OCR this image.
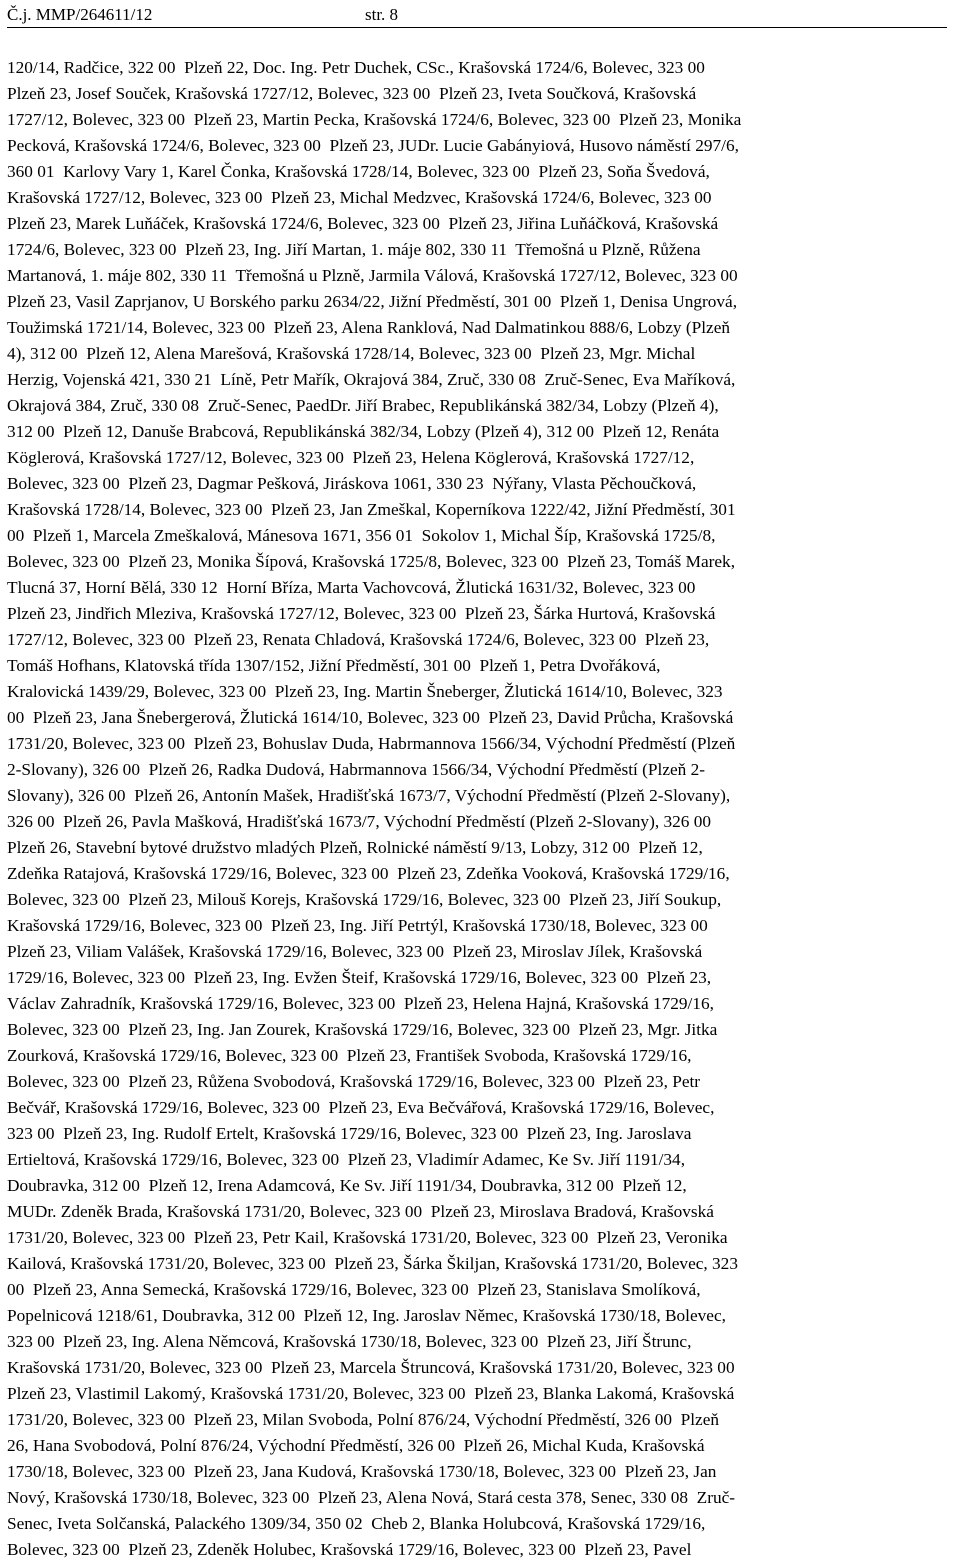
Č.j. MMP/264611/12	str. 8
120/14, Radčice, 322 00  Plzeň 22, Doc. Ing. Petr Duchek, CSc., Krašovská 1724/6, Bolevec, 323 00
Plzeň 23, Josef Souček, Krašovská 1727/12, Bolevec, 323 00  Plzeň 23, Iveta Součková, Krašovská
1727/12, Bolevec, 323 00  Plzeň 23, Martin Pecka, Krašovská 1724/6, Bolevec, 323 00  Plzeň 23, Monika
Pecková, Krašovská 1724/6, Bolevec, 323 00  Plzeň 23, JUDr. Lucie Gabányiová, Husovo náměstí 297/6,
360 01  Karlovy Vary 1, Karel Čonka, Krašovská 1728/14, Bolevec, 323 00  Plzeň 23, Soňa Švedová,
Krašovská 1727/12, Bolevec, 323 00  Plzeň 23, Michal Medzvec, Krašovská 1724/6, Bolevec, 323 00
Plzeň 23, Marek Luňáček, Krašovská 1724/6, Bolevec, 323 00  Plzeň 23, Jiřina Luňáčková, Krašovská
1724/6, Bolevec, 323 00  Plzeň 23, Ing. Jiří Martan, 1. máje 802, 330 11  Třemošná u Plzně, Růžena
Martanová, 1. máje 802, 330 11  Třemošná u Plzně, Jarmila Válová, Krašovská 1727/12, Bolevec, 323 00
Plzeň 23, Vasil Zaprjanov, U Borského parku 2634/22, Jižní Předměstí, 301 00  Plzeň 1, Denisa Ungrová,
Toužimská 1721/14, Bolevec, 323 00  Plzeň 23, Alena Ranklová, Nad Dalmatinkou 888/6, Lobzy (Plzeň
4), 312 00  Plzeň 12, Alena Marešová, Krašovská 1728/14, Bolevec, 323 00  Plzeň 23, Mgr. Michal
Herzig, Vojenská 421, 330 21  Líně, Petr Mařík, Okrajová 384, Zruč, 330 08  Zruč-Senec, Eva Maříková,
Okrajová 384, Zruč, 330 08  Zruč-Senec, PaedDr. Jiří Brabec, Republikánská 382/34, Lobzy (Plzeň 4),
312 00  Plzeň 12, Danuše Brabcová, Republikánská 382/34, Lobzy (Plzeň 4), 312 00  Plzeň 12, Renáta
Köglerová, Krašovská 1727/12, Bolevec, 323 00  Plzeň 23, Helena Köglerová, Krašovská 1727/12,
Bolevec, 323 00  Plzeň 23, Dagmar Pešková, Jiráskova 1061, 330 23  Nýřany, Vlasta Pěchoučková,
Krašovská 1728/14, Bolevec, 323 00  Plzeň 23, Jan Zmeškal, Koperníkova 1222/42, Jižní Předměstí, 301
00  Plzeň 1, Marcela Zmeškalová, Mánesova 1671, 356 01  Sokolov 1, Michal Šíp, Krašovská 1725/8,
Bolevec, 323 00  Plzeň 23, Monika Šípová, Krašovská 1725/8, Bolevec, 323 00  Plzeň 23, Tomáš Marek,
Tlucná 37, Horní Bělá, 330 12  Horní Bříza, Marta Vachovcová, Žlutická 1631/32, Bolevec, 323 00
Plzeň 23, Jindřich Mleziva, Krašovská 1727/12, Bolevec, 323 00  Plzeň 23, Šárka Hurtová, Krašovská
1727/12, Bolevec, 323 00  Plzeň 23, Renata Chladová, Krašovská 1724/6, Bolevec, 323 00  Plzeň 23,
Tomáš Hofhans, Klatovská třída 1307/152, Jižní Předměstí, 301 00  Plzeň 1, Petra Dvořáková,
Kralovická 1439/29, Bolevec, 323 00  Plzeň 23, Ing. Martin Šneberger, Žlutická 1614/10, Bolevec, 323
00  Plzeň 23, Jana Šnebergerová, Žlutická 1614/10, Bolevec, 323 00  Plzeň 23, David Průcha, Krašovská
1731/20, Bolevec, 323 00  Plzeň 23, Bohuslav Duda, Habrmannova 1566/34, Východní Předměstí (Plzeň
2-Slovany), 326 00  Plzeň 26, Radka Dudová, Habrmannova 1566/34, Východní Předměstí (Plzeň 2-
Slovany), 326 00  Plzeň 26, Antonín Mašek, Hradišťská 1673/7, Východní Předměstí (Plzeň 2-Slovany),
326 00  Plzeň 26, Pavla Mašková, Hradišťská 1673/7, Východní Předměstí (Plzeň 2-Slovany), 326 00
Plzeň 26, Stavební bytové družstvo mladých Plzeň, Rolnické náměstí 9/13, Lobzy, 312 00  Plzeň 12,
Zdeňka Ratajová, Krašovská 1729/16, Bolevec, 323 00  Plzeň 23, Zdeňka Vooková, Krašovská 1729/16,
Bolevec, 323 00  Plzeň 23, Milouš Korejs, Krašovská 1729/16, Bolevec, 323 00  Plzeň 23, Jiří Soukup,
Krašovská 1729/16, Bolevec, 323 00  Plzeň 23, Ing. Jiří Petrtýl, Krašovská 1730/18, Bolevec, 323 00
Plzeň 23, Viliam Valášek, Krašovská 1729/16, Bolevec, 323 00  Plzeň 23, Miroslav Jílek, Krašovská
1729/16, Bolevec, 323 00  Plzeň 23, Ing. Evžen Šteif, Krašovská 1729/16, Bolevec, 323 00  Plzeň 23,
Václav Zahradník, Krašovská 1729/16, Bolevec, 323 00  Plzeň 23, Helena Hajná, Krašovská 1729/16,
Bolevec, 323 00  Plzeň 23, Ing. Jan Zourek, Krašovská 1729/16, Bolevec, 323 00  Plzeň 23, Mgr. Jitka
Zourková, Krašovská 1729/16, Bolevec, 323 00  Plzeň 23, František Svoboda, Krašovská 1729/16,
Bolevec, 323 00  Plzeň 23, Růžena Svobodová, Krašovská 1729/16, Bolevec, 323 00  Plzeň 23, Petr
Bečvář, Krašovská 1729/16, Bolevec, 323 00  Plzeň 23, Eva Bečvářová, Krašovská 1729/16, Bolevec,
323 00  Plzeň 23, Ing. Rudolf Ertelt, Krašovská 1729/16, Bolevec, 323 00  Plzeň 23, Ing. Jaroslava
Ertieltová, Krašovská 1729/16, Bolevec, 323 00  Plzeň 23, Vladimír Adamec, Ke Sv. Jiří 1191/34,
Doubravka, 312 00  Plzeň 12, Irena Adamcová, Ke Sv. Jiří 1191/34, Doubravka, 312 00  Plzeň 12,
MUDr. Zdeněk Brada, Krašovská 1731/20, Bolevec, 323 00  Plzeň 23, Miroslava Bradová, Krašovská
1731/20, Bolevec, 323 00  Plzeň 23, Petr Kail, Krašovská 1731/20, Bolevec, 323 00  Plzeň 23, Veronika
Kailová, Krašovská 1731/20, Bolevec, 323 00  Plzeň 23, Šárka Škiljan, Krašovská 1731/20, Bolevec, 323
00  Plzeň 23, Anna Semecká, Krašovská 1729/16, Bolevec, 323 00  Plzeň 23, Stanislava Smolíková,
Popelnicová 1218/61, Doubravka, 312 00  Plzeň 12, Ing. Jaroslav Němec, Krašovská 1730/18, Bolevec,
323 00  Plzeň 23, Ing. Alena Němcová, Krašovská 1730/18, Bolevec, 323 00  Plzeň 23, Jiří Štrunc,
Krašovská 1731/20, Bolevec, 323 00  Plzeň 23, Marcela Štruncová, Krašovská 1731/20, Bolevec, 323 00
Plzeň 23, Vlastimil Lakomý, Krašovská 1731/20, Bolevec, 323 00  Plzeň 23, Blanka Lakomá, Krašovská
1731/20, Bolevec, 323 00  Plzeň 23, Milan Svoboda, Polní 876/24, Východní Předměstí, 326 00  Plzeň
26, Hana Svobodová, Polní 876/24, Východní Předměstí, 326 00  Plzeň 26, Michal Kuda, Krašovská
1730/18, Bolevec, 323 00  Plzeň 23, Jana Kudová, Krašovská 1730/18, Bolevec, 323 00  Plzeň 23, Jan
Nový, Krašovská 1730/18, Bolevec, 323 00  Plzeň 23, Alena Nová, Stará cesta 378, Senec, 330 08  Zruč-
Senec, Iveta Solčanská, Palackého 1309/34, 350 02  Cheb 2, Blanka Holubcová, Krašovská 1729/16,
Bolevec, 323 00  Plzeň 23, Zdeněk Holubec, Krašovská 1729/16, Bolevec, 323 00  Plzeň 23, Pavel
